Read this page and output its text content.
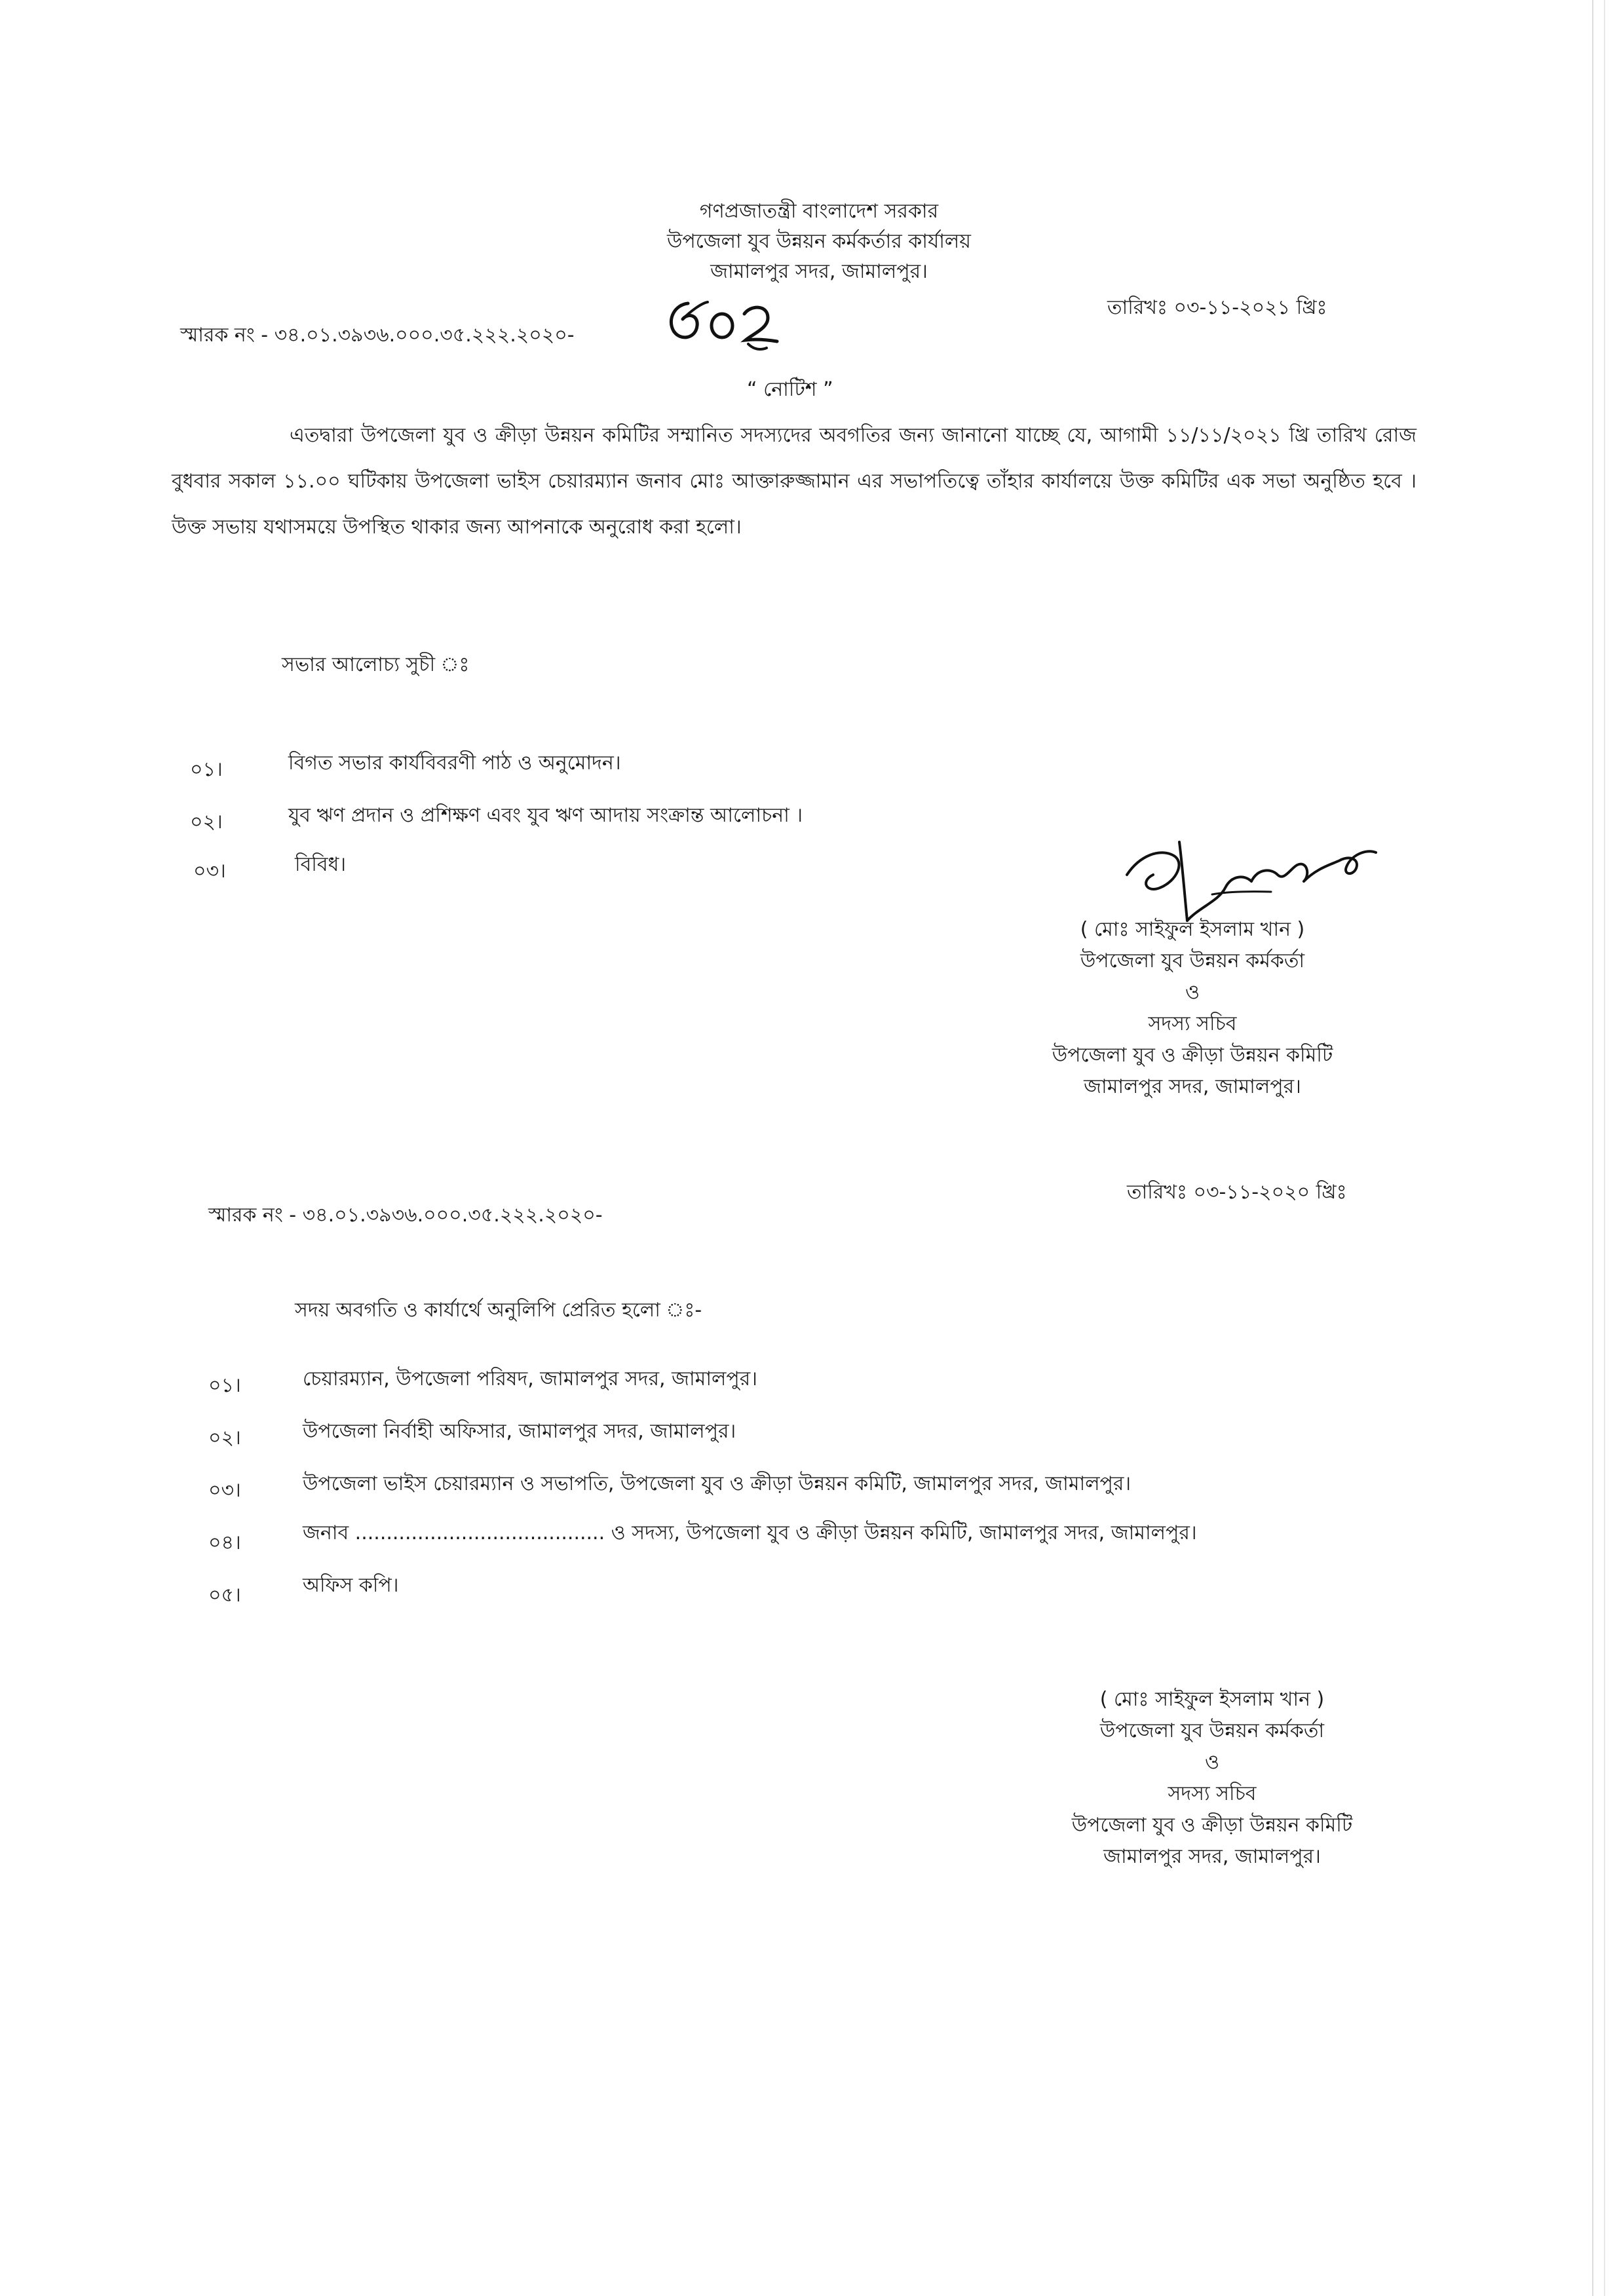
গণপ্রজাতন্ত্রী বাংলাদেশ সরকার
উপজেলা যুব উন্নয়ন কর্মকর্তার কার্যালয়
জামালপুর সদর, জামালপুর।
স্মারক নং - ৩৪.০১.৩৯৩৬.০০০.৩৫.২২২.২০২০-
তারিখঃ ০৩-১১-২০২১ খ্রিঃ
“ নোটিশ ”
এতদ্বারা উপজেলা যুব ও ক্রীড়া উন্নয়ন কমিটির সম্মানিত সদস্যদের অবগতির জন্য জানানো যাচ্ছে যে, আগামী ১১/১১/২০২১ খ্রি তারিখ রোজ বুধবার সকাল ১১.০০ ঘটিকায় উপজেলা ভাইস চেয়ারম্যান জনাব মোঃ আক্তারুজ্জামান এর সভাপতিত্বে তাঁহার কার্যালয়ে উক্ত কমিটির এক সভা অনুষ্ঠিত হবে । উক্ত সভায় যথাসময়ে উপস্থিত থাকার জন্য আপনাকে অনুরোধ করা হলো।
সভার আলোচ্য সুচী ঃ
০১।	বিগত সভার কার্যবিবরণী পাঠ ও অনুমোদন।
০২।	যুব ঋণ প্রদান ও প্রশিক্ষণ এবং যুব ঋণ আদায় সংক্রান্ত আলোচনা ।
০৩।	বিবিধ।
( মোঃ সাইফুল ইসলাম খান )
উপজেলা যুব উন্নয়ন কর্মকর্তা
ও
সদস্য সচিব
উপজেলা যুব ও ক্রীড়া উন্নয়ন কমিটি
জামালপুর সদর, জামালপুর।
তারিখঃ ০৩-১১-২০২০ খ্রিঃ
স্মারক নং - ৩৪.০১.৩৯৩৬.০০০.৩৫.২২২.২০২০-
সদয় অবগতি ও কার্যার্থে অনুলিপি প্রেরিত হলো ঃ-
০১।	চেয়ারম্যান, উপজেলা পরিষদ, জামালপুর সদর, জামালপুর।
০২।	উপজেলা নির্বাহী অফিসার, জামালপুর সদর, জামালপুর।
০৩।	উপজেলা ভাইস চেয়ারম্যান ও সভাপতি, উপজেলা যুব ও ক্রীড়া উন্নয়ন কমিটি, জামালপুর সদর, জামালপুর।
০৪।	জনাব ........................................ ও সদস্য, উপজেলা যুব ও ক্রীড়া উন্নয়ন কমিটি, জামালপুর সদর, জামালপুর।
০৫।	অফিস কপি।
( মোঃ সাইফুল ইসলাম খান )
উপজেলা যুব উন্নয়ন কর্মকর্তা
ও
সদস্য সচিব
উপজেলা যুব ও ক্রীড়া উন্নয়ন কমিটি
জামালপুর সদর, জামালপুর।
